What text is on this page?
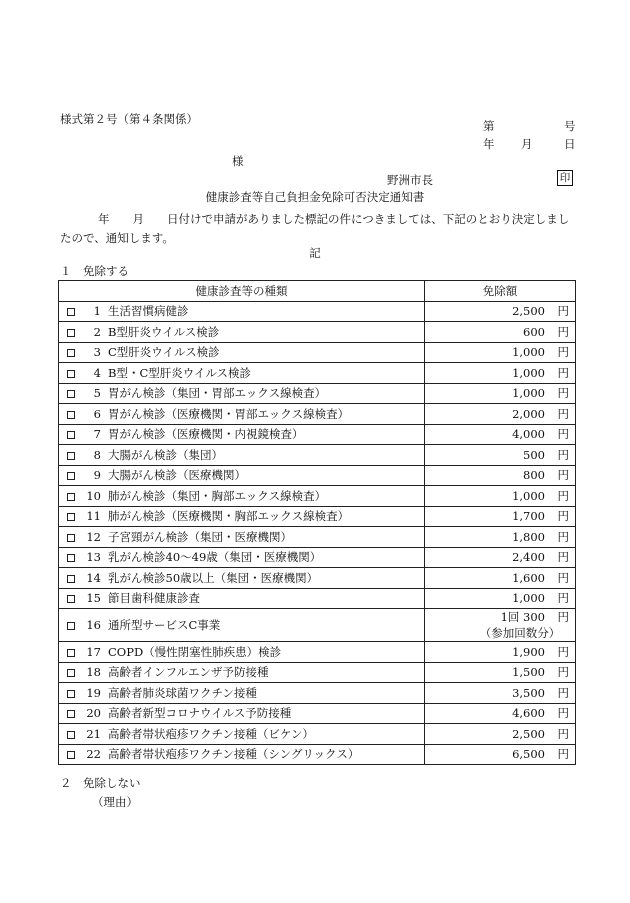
様式第２号（第４条関係）	第	号
年 月	日
様
野洲市長	印
健康診査等自己負担金免除可否決定通知書
年　　月　　日付けで申請がありました標記の件につきましては、下記のとおり決定しましたので、通知します。
記
１　免除する
健康診査等の種類	免除額
1 生活習慣病健診	2,500 円
2 B型肝炎ウイルス検診	600 円
3 C型肝炎ウイルス検診	1,000 円
4 B型・C型肝炎ウイルス検診	1,000 円
5 胃がん検診（集団・胃部エックス線検査）	1,000 円
6 胃がん検診（医療機関・胃部エックス線検査）	2,000 円
7 胃がん検診（医療機関・内視鏡検査）	4,000 円
8 大腸がん検診（集団）	500 円
9 大腸がん検診（医療機関）	800 円
10 肺がん検診（集団・胸部エックス線検査）	1,000 円
11 肺がん検診（医療機関・胸部エックス線検査）	1,700 円
12 子宮頸がん検診（集団・医療機関）	1,800 円
13 乳がん検診40～49歳（集団・医療機関）	2,400 円
14 乳がん検診50歳以上（集団・医療機関）	1,600 円
15 節目歯科健康診査	1,000 円
16 通所型サービスC事業	1回 300 円
（参加回数分）

17 COPD（慢性閉塞性肺疾患）検診	1,900 円
18 高齢者インフルエンザ予防接種	1,500 円
19 高齢者肺炎球菌ワクチン接種	3,500 円
20 高齢者新型コロナウイルス予防接種	4,600 円
21 高齢者帯状疱疹ワクチン接種（ビケン）	2,500 円
22 高齢者帯状疱疹ワクチン接種（シングリックス）	6,500 円
２　免除しない
（理由）
